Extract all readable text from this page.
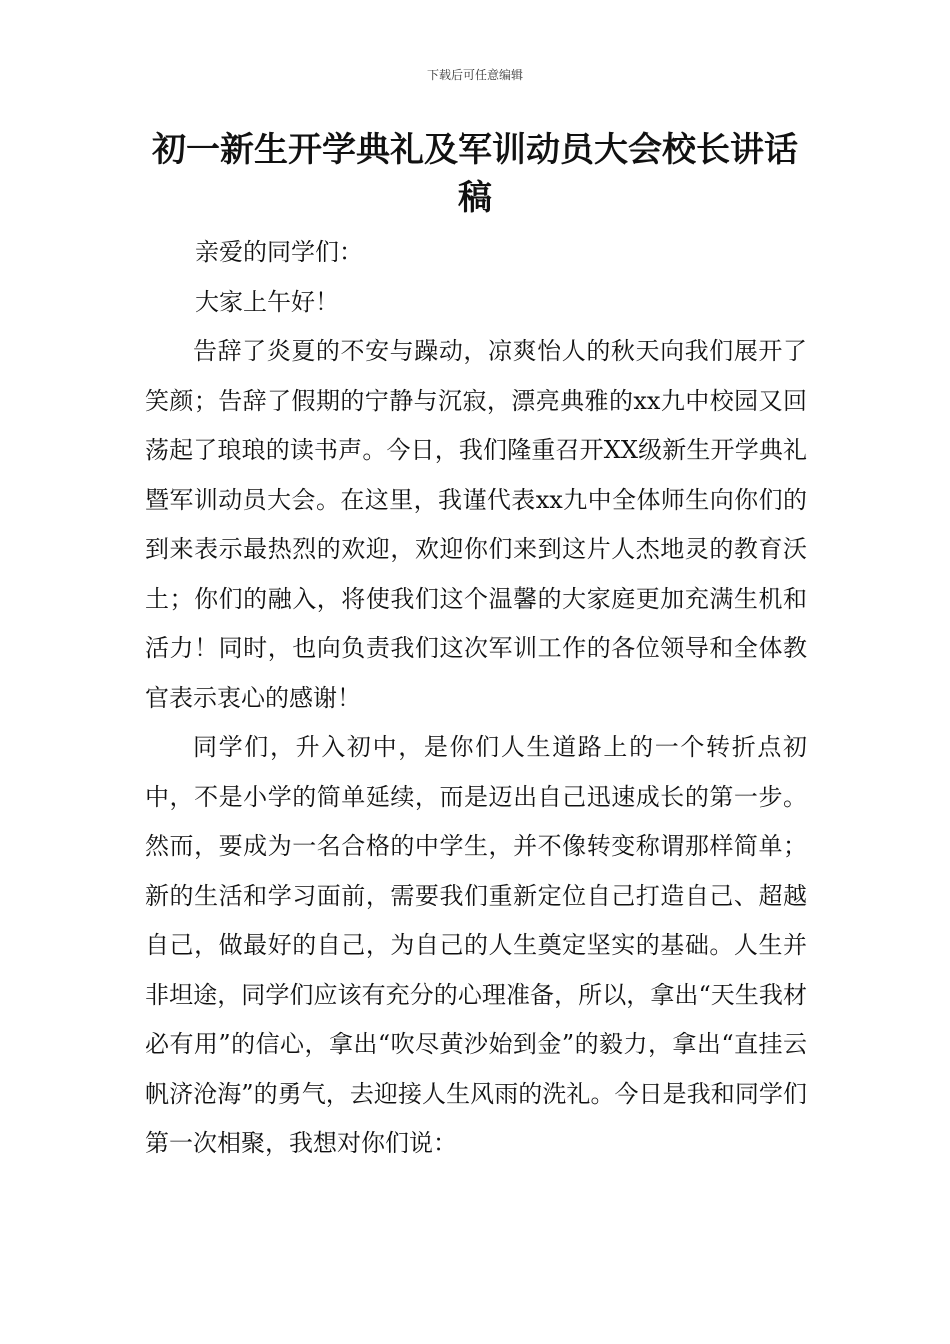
下载后可任意编辑
初一新生开学典礼及军训动员大会校长讲话稿

亲爱的同学们：

大家上午好！

告辞了炎夏的不安与躁动，凉爽怡人的秋天向我们展开了笑颜；告辞了假期的宁静与沉寂，漂亮典雅的xx九中校园又回荡起了琅琅的读书声。今日，我们隆重召开XX级新生开学典礼暨军训动员大会。在这里，我谨代表xx九中全体师生向你们的到来表示最热烈的欢迎，欢迎你们来到这片人杰地灵的教育沃土；你们的融入，将使我们这个温馨的大家庭更加充满生机和活力！同时，也向负责我们这次军训工作的各位领导和全体教官表示衷心的感谢！

同学们，升入初中，是你们人生道路上的一个转折点初中，不是小学的简单延续，而是迈出自己迅速成长的第一步。然而，要成为一名合格的中学生，并不像转变称谓那样简单；新的生活和学习面前，需要我们重新定位自己打造自己、超越自己，做最好的自己，为自己的人生奠定坚实的基础。人生并非坦途，同学们应该有充分的心理准备，所以，拿出“天生我材必有用”的信心，拿出“吹尽黄沙始到金”的毅力，拿出“直挂云帆济沧海”的勇气，去迎接人生风雨的洗礼。今日是我和同学们第一次相聚，我想对你们说：
